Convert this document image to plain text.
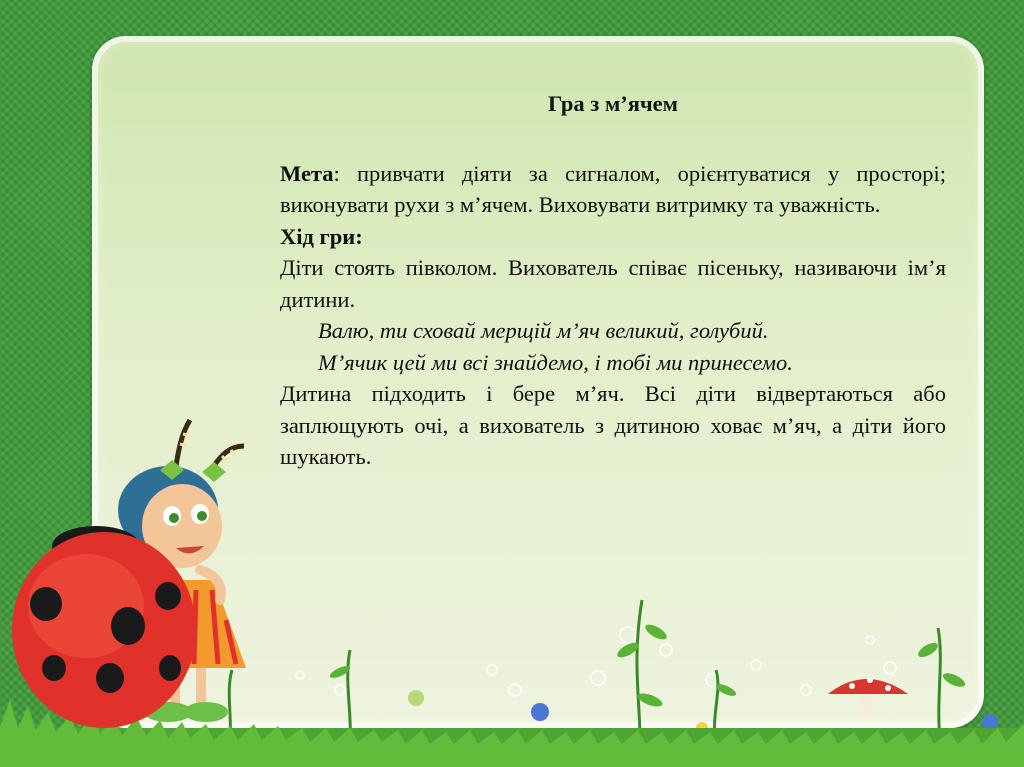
Гра з м’ячем

Мета: привчати діяти за сигналом, орієнтуватися у просторі; виконувати рухи з м’ячем. Виховувати витримку та уважність.

Хід гри:

Діти стоять півколом. Вихователь співає пісеньку, називаючи ім’я дитини.

Валю, ти сховай мерщій м’яч великий, голубий.

М’ячик цей ми всі знайдемо, і тобі ми принесемо.

Дитина підходить і бере м’яч. Всі діти відвертаються або заплющують очі, а вихователь з дитиною ховає м’яч, а діти його шукають.
